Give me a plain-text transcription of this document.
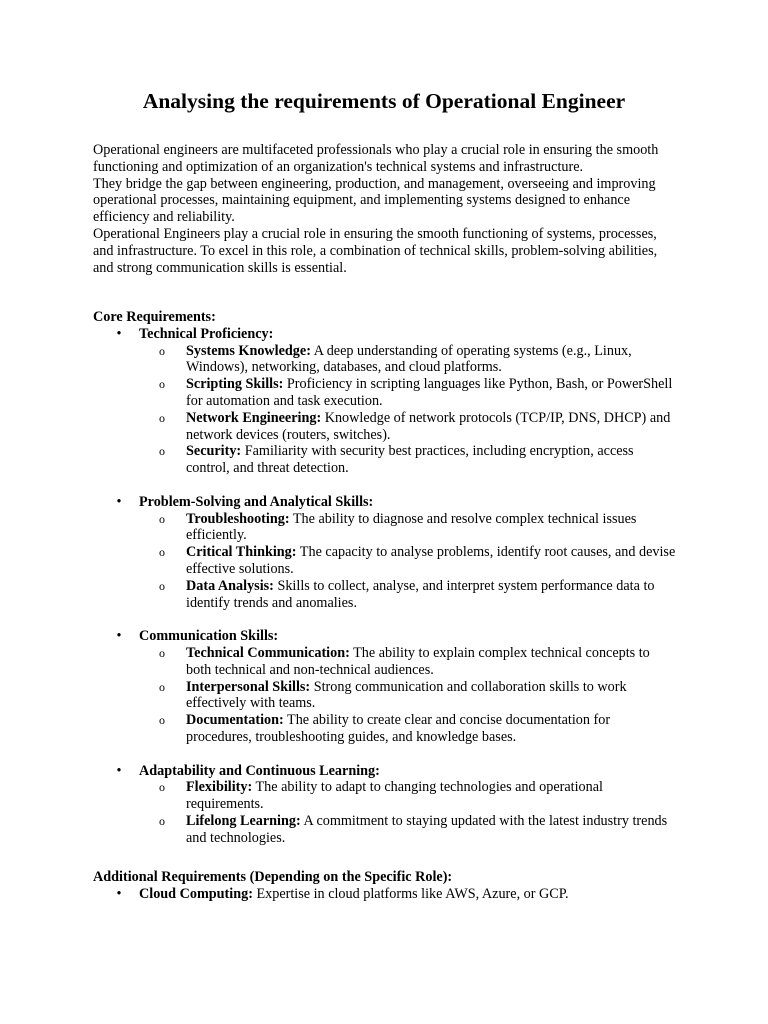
Analysing the requirements of Operational Engineer

Operational engineers are multifaceted professionals who play a crucial role in ensuring the smooth functioning and optimization of an organization's technical systems and infrastructure.

They bridge the gap between engineering, production, and management, overseeing and improving operational processes, maintaining equipment, and implementing systems designed to enhance efficiency and reliability.

Operational Engineers play a crucial role in ensuring the smooth functioning of systems, processes, and infrastructure. To excel in this role, a combination of technical skills, problem-solving abilities, and strong communication skills is essential.

Core Requirements:

• Technical Proficiency:
o Systems Knowledge: A deep understanding of operating systems (e.g., Linux, Windows), networking, databases, and cloud platforms.
o Scripting Skills: Proficiency in scripting languages like Python, Bash, or PowerShell for automation and task execution.
o Network Engineering: Knowledge of network protocols (TCP/IP, DNS, DHCP) and network devices (routers, switches).
o Security: Familiarity with security best practices, including encryption, access control, and threat detection.
• Problem-Solving and Analytical Skills:
o Troubleshooting: The ability to diagnose and resolve complex technical issues efficiently.
o Critical Thinking: The capacity to analyse problems, identify root causes, and devise effective solutions.
o Data Analysis: Skills to collect, analyse, and interpret system performance data to identify trends and anomalies.
• Communication Skills:
o Technical Communication: The ability to explain complex technical concepts to both technical and non-technical audiences.
o Interpersonal Skills: Strong communication and collaboration skills to work effectively with teams.
o Documentation: The ability to create clear and concise documentation for procedures, troubleshooting guides, and knowledge bases.
• Adaptability and Continuous Learning:
o Flexibility: The ability to adapt to changing technologies and operational requirements.
o Lifelong Learning: A commitment to staying updated with the latest industry trends and technologies.

Additional Requirements (Depending on the Specific Role):

• Cloud Computing: Expertise in cloud platforms like AWS, Azure, or GCP.
